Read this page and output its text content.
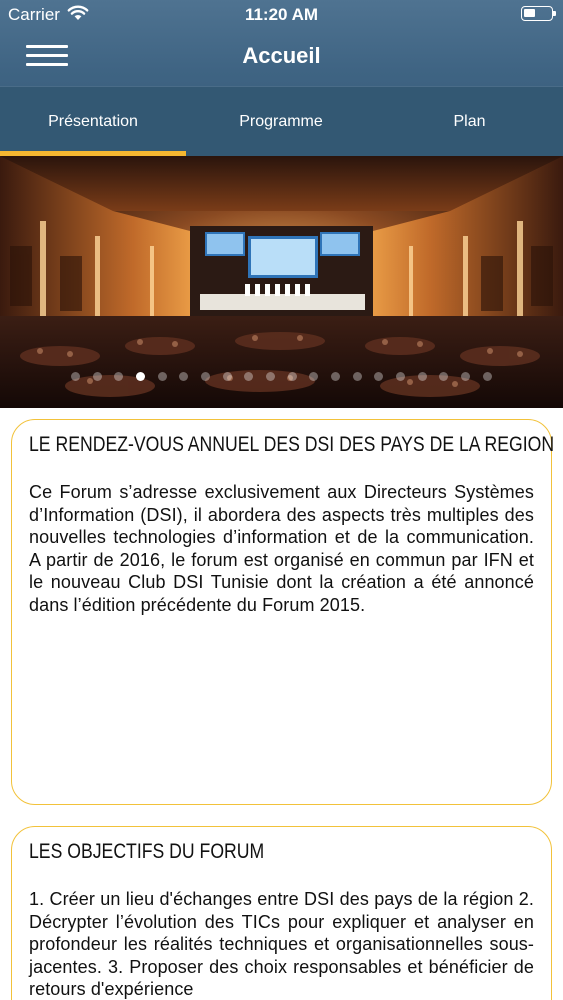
Carrier	11:20 AM
Accueil
Présentation	Programme	Plan
LE RENDEZ-VOUS ANNUEL DES DSI DES PAYS DE LA REGION
Ce Forum s’adresse exclusivement aux Directeurs Systèmes d’Information (DSI), il abordera des aspects très multiples des nouvelles technologies d’information et de la communication. A partir de 2016, le forum est organisé en commun par IFN et le nouveau Club DSI Tunisie dont la création a été annoncé dans l’édition précédente du Forum 2015.
LES OBJECTIFS DU FORUM
1. Créer un lieu d'échanges entre DSI des pays de la région 2. Décrypter l’évolution des TICs pour expliquer et analyser en profondeur les réalités techniques et organisationnelles sous-jacentes. 3. Proposer des choix responsables et bénéficier de retours d'expérience
